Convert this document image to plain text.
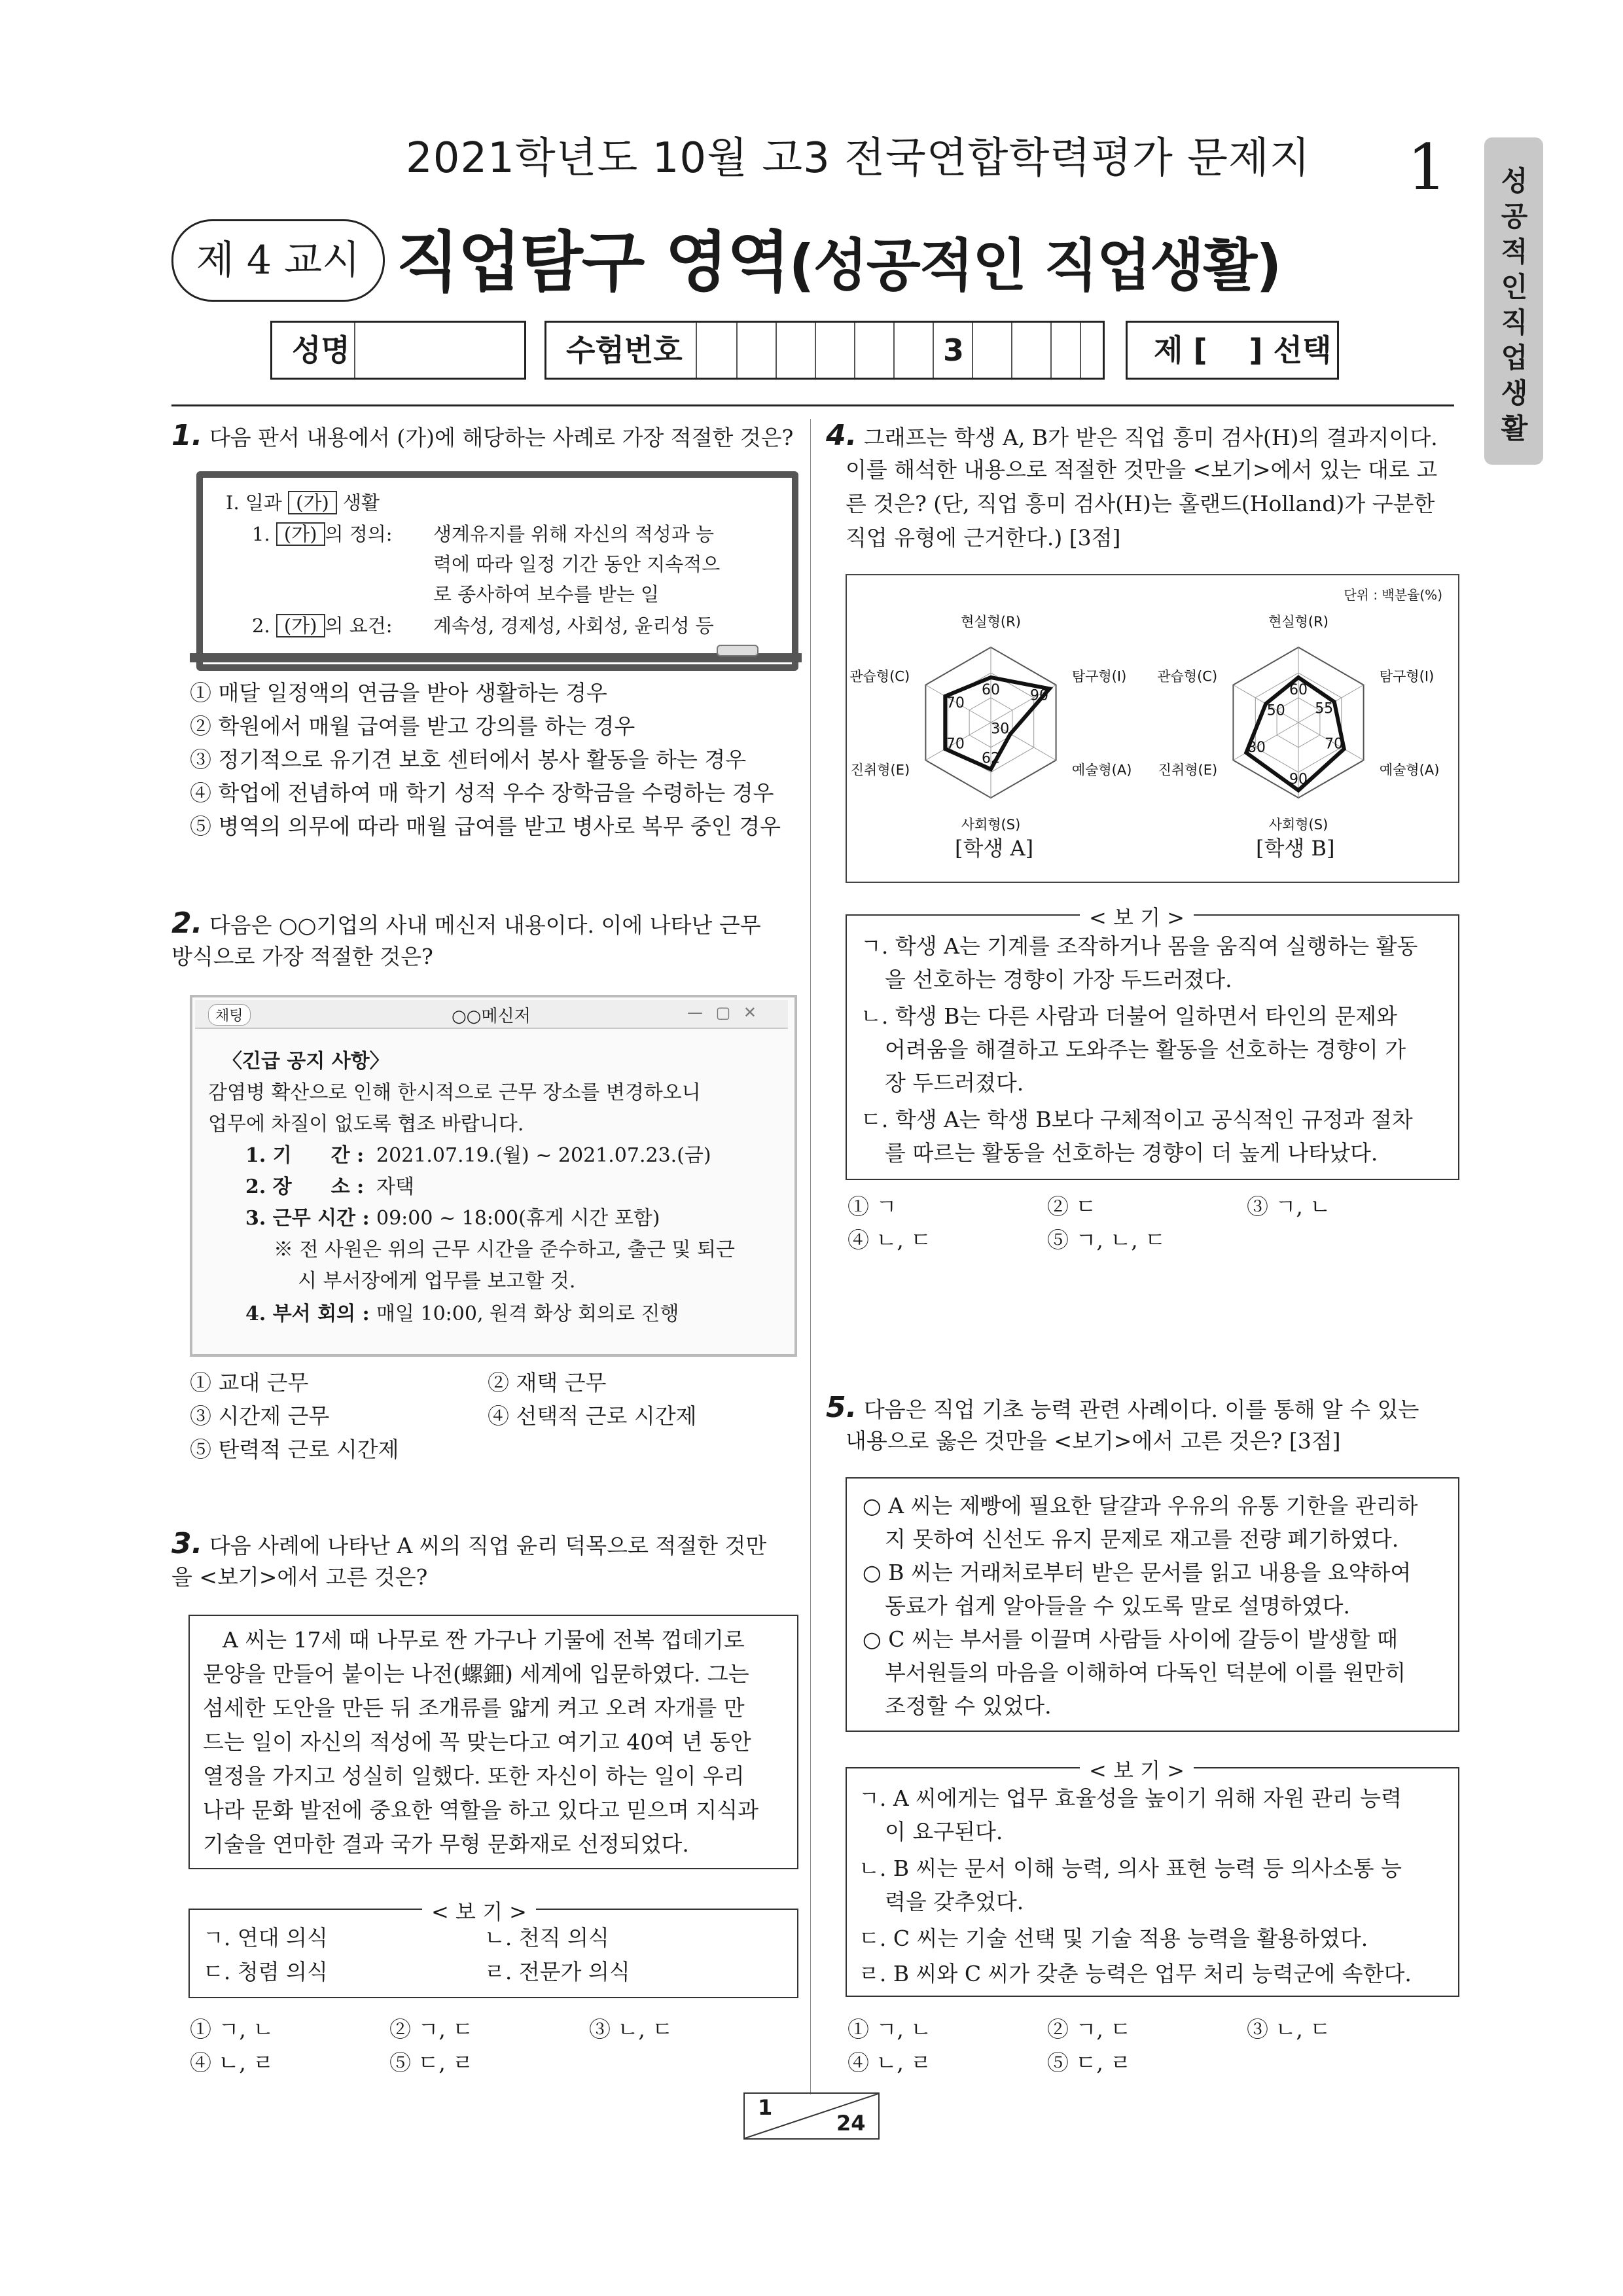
2021학년도 10월 고3 전국연합학력평가 문제지 1 성공적인 직업생활
제 4 교시 직업탐구 영역(성공적인 직업생활)
성명	수험번호	3	제 [    ] 선택
1. 다음 판서 내용에서 (가)에 해당하는 사례로 가장 적절한 것은?
I. 일과 (가) 생활
1. (가) 의 정의: 생계유지를 위해 자신의 적성과 능
력에 따라 일정 기간 동안 지속적으
로 종사하여 보수를 받는 일
2. (가) 의 요건: 계속성, 경제성, 사회성, 윤리성 등
① 매달 일정액의 연금을 받아 생활하는 경우
② 학원에서 매월 급여를 받고 강의를 하는 경우
③ 정기적으로 유기견 보호 센터에서 봉사 활동을 하는 경우
④ 학업에 전념하여 매 학기 성적 우수 장학금을 수령하는 경우
⑤ 병역의 의무에 따라 매월 급여를 받고 병사로 복무 중인 경우
2. 다음은 ○○기업의 사내 메신저 내용이다. 이에 나타난 근무
방식으로 가장 적절한 것은?
채팅	○○메신저	— ▢ ✕
〈긴급 공지 사항〉
감염병 확산으로 인해 한시적으로 근무 장소를 변경하오니
업무에 차질이 없도록 협조 바랍니다.
1. 기　　간 : 2021.07.19.(월) ~ 2021.07.23.(금)
2. 장　　소 : 자택
3. 근무 시간 : 09:00 ~ 18:00(휴게 시간 포함)
※ 전 사원은 위의 근무 시간을 준수하고, 출근 및 퇴근
시 부서장에게 업무를 보고할 것.
4. 부서 회의 : 매일 10:00, 원격 화상 회의로 진행
① 교대 근무	② 재택 근무
③ 시간제 근무	④ 선택적 근로 시간제
⑤ 탄력적 근로 시간제
3. 다음 사례에 나타난 A 씨의 직업 윤리 덕목으로 적절한 것만
을 <보기>에서 고른 것은?
A 씨는 17세 때 나무로 짠 가구나 기물에 전복 껍데기로
문양을 만들어 붙이는 나전(螺鈿) 세계에 입문하였다. 그는
섬세한 도안을 만든 뒤 조개류를 얇게 켜고 오려 자개를 만
드는 일이 자신의 적성에 꼭 맞는다고 여기고 40여 년 동안
열정을 가지고 성실히 일했다. 또한 자신이 하는 일이 우리
나라 문화 발전에 중요한 역할을 하고 있다고 믿으며 지식과
기술을 연마한 결과 국가 무형 문화재로 선정되었다.
< 보 기 >
ㄱ. 연대 의식	ㄴ. 천직 의식
ㄷ. 청렴 의식	ㄹ. 전문가 의식
① ㄱ, ㄴ	② ㄱ, ㄷ	③ ㄴ, ㄷ
④ ㄴ, ㄹ	⑤ ㄷ, ㄹ
4. 그래프는 학생 A, B가 받은 직업 흥미 검사(H)의 결과지이다.
이를 해석한 내용으로 적절한 것만을 <보기>에서 있는 대로 고
른 것은? (단, 직업 흥미 검사(H)는 홀랜드(Holland)가 구분한
직업 유형에 근거한다.) [3점]
60 90
30
62
70
70
현실형(R)
탐구형(I)
예술형(A)
사회형(S)
진취형(E)
관습형(C)
60
55
70
90
80
50
현실형(R)
탐구형(I)
예술형(A)
사회형(S)
진취형(E)
관습형(C)
단위 : 백분율(%)
[학생 A]	[학생 B]
< 보 기 >
ㄱ. 학생 A는 기계를 조작하거나 몸을 움직여 실행하는 활동
을 선호하는 경향이 가장 두드러졌다.
ㄴ. 학생 B는 다른 사람과 더불어 일하면서 타인의 문제와
어려움을 해결하고 도와주는 활동을 선호하는 경향이 가
장 두드러졌다.
ㄷ. 학생 A는 학생 B보다 구체적이고 공식적인 규정과 절차
를 따르는 활동을 선호하는 경향이 더 높게 나타났다.
① ㄱ	② ㄷ	③ ㄱ, ㄴ
④ ㄴ, ㄷ	⑤ ㄱ, ㄴ, ㄷ
5. 다음은 직업 기초 능력 관련 사례이다. 이를 통해 알 수 있는
내용으로 옳은 것만을 <보기>에서 고른 것은? [3점]
○ A 씨는 제빵에 필요한 달걀과 우유의 유통 기한을 관리하
지 못하여 신선도 유지 문제로 재고를 전량 폐기하였다.
○ B 씨는 거래처로부터 받은 문서를 읽고 내용을 요약하여
동료가 쉽게 알아들을 수 있도록 말로 설명하였다.
○ C 씨는 부서를 이끌며 사람들 사이에 갈등이 발생할 때
부서원들의 마음을 이해하여 다독인 덕분에 이를 원만히
조정할 수 있었다.
< 보 기 >
ㄱ. A 씨에게는 업무 효율성을 높이기 위해 자원 관리 능력
이 요구된다.
ㄴ. B 씨는 문서 이해 능력, 의사 표현 능력 등 의사소통 능
력을 갖추었다.
ㄷ. C 씨는 기술 선택 및 기술 적용 능력을 활용하였다.
ㄹ. B 씨와 C 씨가 갖춘 능력은 업무 처리 능력군에 속한다.
① ㄱ, ㄴ	② ㄱ, ㄷ	③ ㄴ, ㄷ
④ ㄴ, ㄹ	⑤ ㄷ, ㄹ
1
24
